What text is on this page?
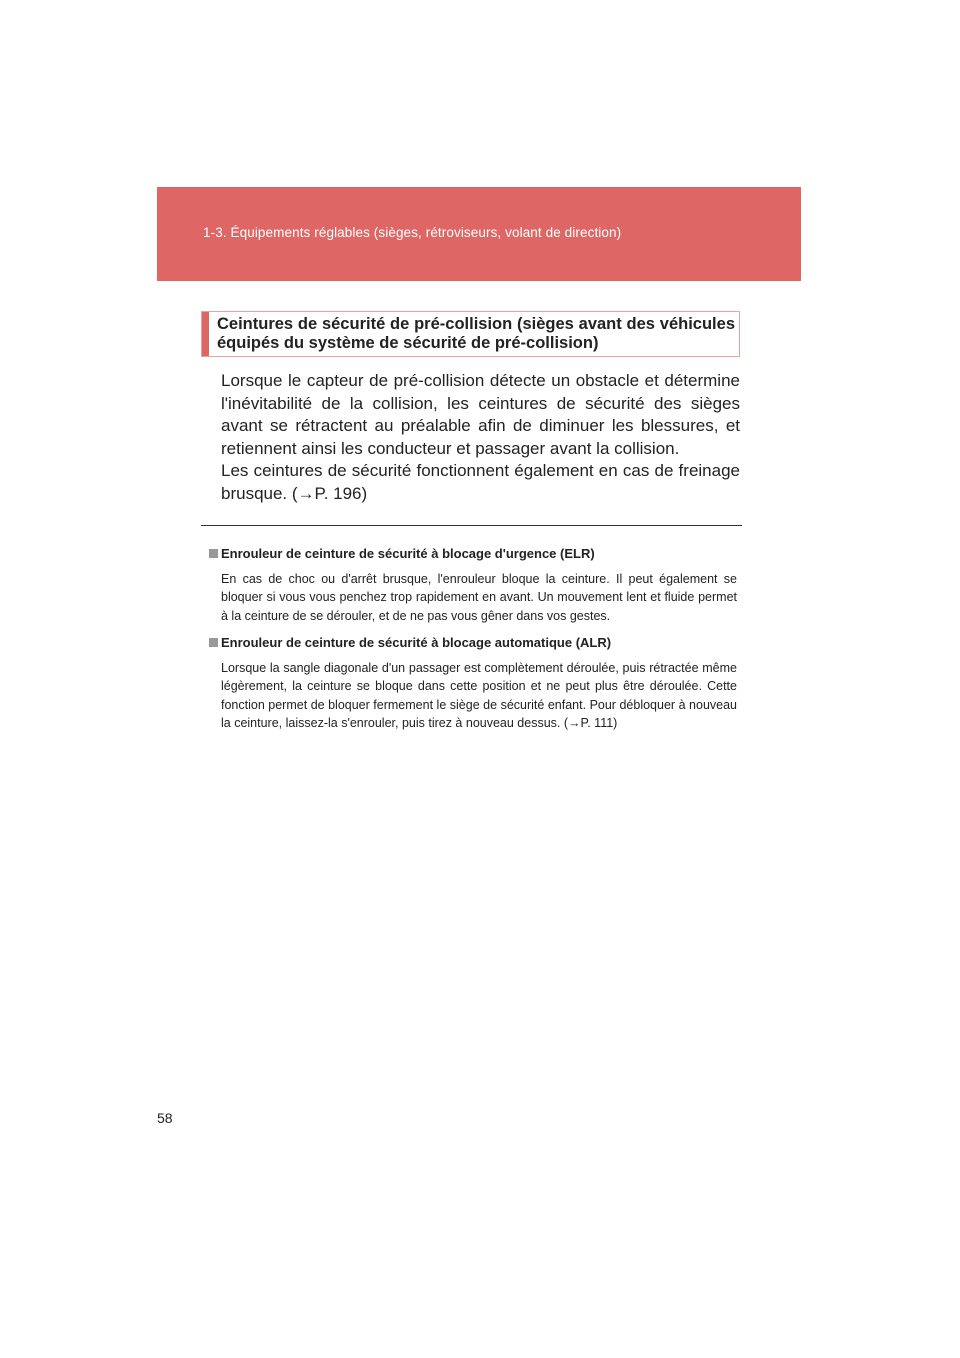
1-3. Équipements réglables (sièges, rétroviseurs, volant de direction)
Ceintures de sécurité de pré-collision (sièges avant des véhicules équipés du système de sécurité de pré-collision)

Lorsque le capteur de pré-collision détecte un obstacle et détermine l'inévitabilité de la collision, les ceintures de sécurité des sièges avant se rétractent au préalable afin de diminuer les blessures, et retiennent ainsi les conducteur et passager avant la collision.

Les ceintures de sécurité fonctionnent également en cas de freinage brusque. (→P. 196)

Enrouleur de ceinture de sécurité à blocage d'urgence (ELR)
En cas de choc ou d'arrêt brusque, l'enrouleur bloque la ceinture. Il peut également se bloquer si vous vous penchez trop rapidement en avant. Un mouvement lent et fluide permet à la ceinture de se dérouler, et de ne pas vous gêner dans vos gestes.
Enrouleur de ceinture de sécurité à blocage automatique (ALR)
Lorsque la sangle diagonale d'un passager est complètement déroulée, puis rétractée même légèrement, la ceinture se bloque dans cette position et ne peut plus être déroulée. Cette fonction permet de bloquer fermement le siège de sécurité enfant. Pour débloquer à nouveau la ceinture, laissez-la s'enrouler, puis tirez à nouveau dessus. (→P. 111)
58
